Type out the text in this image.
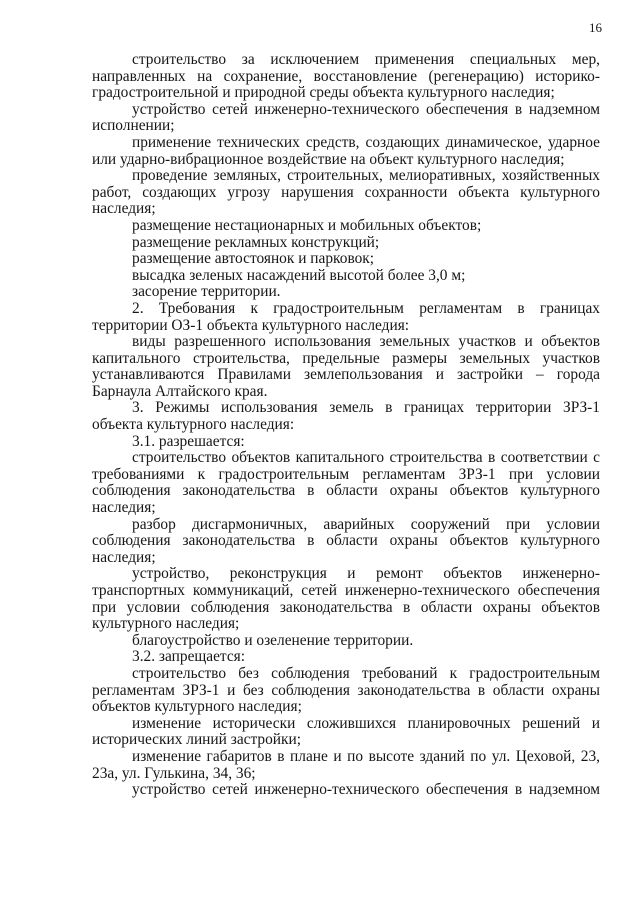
16

строительство за исключением применения специальных мер, направленных на сохранение, восстановление (регенерацию) историко-градостроительной и природной среды объекта культурного наследия;

устройство сетей инженерно-технического обеспечения в надземном исполнении;

применение технических средств, создающих динамическое, ударное или ударно-вибрационное воздействие на объект культурного наследия;

проведение земляных, строительных, мелиоративных, хозяйственных работ, создающих угрозу нарушения сохранности объекта культурного наследия;

размещение нестационарных и мобильных объектов;

размещение рекламных конструкций;

размещение автостоянок и парковок;

высадка зеленых насаждений высотой более 3,0 м;

засорение территории.

2. Требования к градостроительным регламентам в границах территории ОЗ-1 объекта культурного наследия:

виды разрешенного использования земельных участков и объектов капитального строительства, предельные размеры земельных участков устанавливаются Правилами землепользования и застройки – города Барнаула Алтайского края.

3. Режимы использования земель в границах территории ЗРЗ-1 объекта культурного наследия:

3.1. разрешается:

строительство объектов капитального строительства в соответствии с требованиями к градостроительным регламентам ЗРЗ-1 при условии соблюдения законодательства в области охраны объектов культурного наследия;

разбор дисгармоничных, аварийных сооружений при условии соблюдения законодательства в области охраны объектов культурного наследия;

устройство, реконструкция и ремонт объектов инженерно-транспортных коммуникаций, сетей инженерно-технического обеспечения при условии соблюдения законодательства в области охраны объектов культурного наследия;

благоустройство и озеленение территории.

3.2. запрещается:

строительство без соблюдения требований к градостроительным регламентам ЗРЗ-1 и без соблюдения законодательства в области охраны объектов культурного наследия;

изменение исторически сложившихся планировочных решений и исторических линий застройки;

изменение габаритов в плане и по высоте зданий по ул. Цеховой, 23, 23а, ул. Гулькина, 34, 36;

устройство сетей инженерно-технического обеспечения в надземном
